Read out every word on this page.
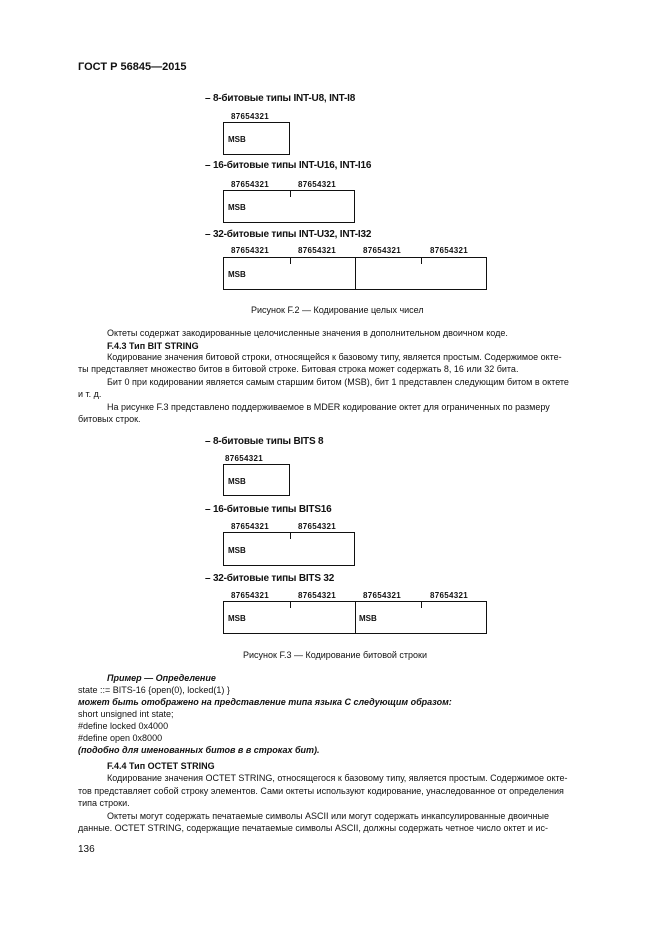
ГОСТ Р 56845—2015
– 8-битовые типы INT-U8, INT-I8
87654321
MSB
– 16-битовые типы INT-U16, INT-I16
87654321	87654321
MSB
– 32-битовые типы INT-U32, INT-I32
87654321	87654321	87654321	87654321
MSB
Рисунок F.2 — Кодирование целых чисел
Октеты содержат закодированные целочисленные значения в дополнительном двоичном коде.
F.4.3 Тип BIT STRING
Кодирование значения битовой строки, относящейся к базовому типу, является простым. Содержимое окте-
ты представляет множество битов в битовой строке. Битовая строка может содержать 8, 16 или 32 бита.
Бит 0 при кодировании является самым старшим битом (MSB), бит 1 представлен следующим битом в октете
и т. д.
На рисунке F.3 представлено поддерживаемое в MDER кодирование октет для ограниченных по размеру
битовых строк.
– 8-битовые типы BITS 8
87654321
MSB
– 16-битовые типы BITS16
87654321	87654321
MSB
– 32-битовые типы BITS 32
87654321	87654321	87654321	87654321
MSB	MSB
Рисунок F.3 — Кодирование битовой строки
Пример — Определение
state ::= BITS-16 {open(0), locked(1) }
может быть отображено на представление типа языка С следующим образом:
short unsigned int state;
#define locked 0x4000
#define open 0x8000
(подобно для именованных битов в в строках бит).
F.4.4 Тип OCTET STRING
Кодирование значения OCTET STRING, относящегося к базовому типу, является простым. Содержимое окте-
тов представляет собой строку элементов. Сами октеты используют кодирование, унаследованное от определения
типа строки.
Октеты могут содержать печатаемые символы ASCII или могут содержать инкапсулированные двоичные
данные. OCTET STRING, содержащие печатаемые символы ASCII, должны содержать четное число октет и ис-
136
